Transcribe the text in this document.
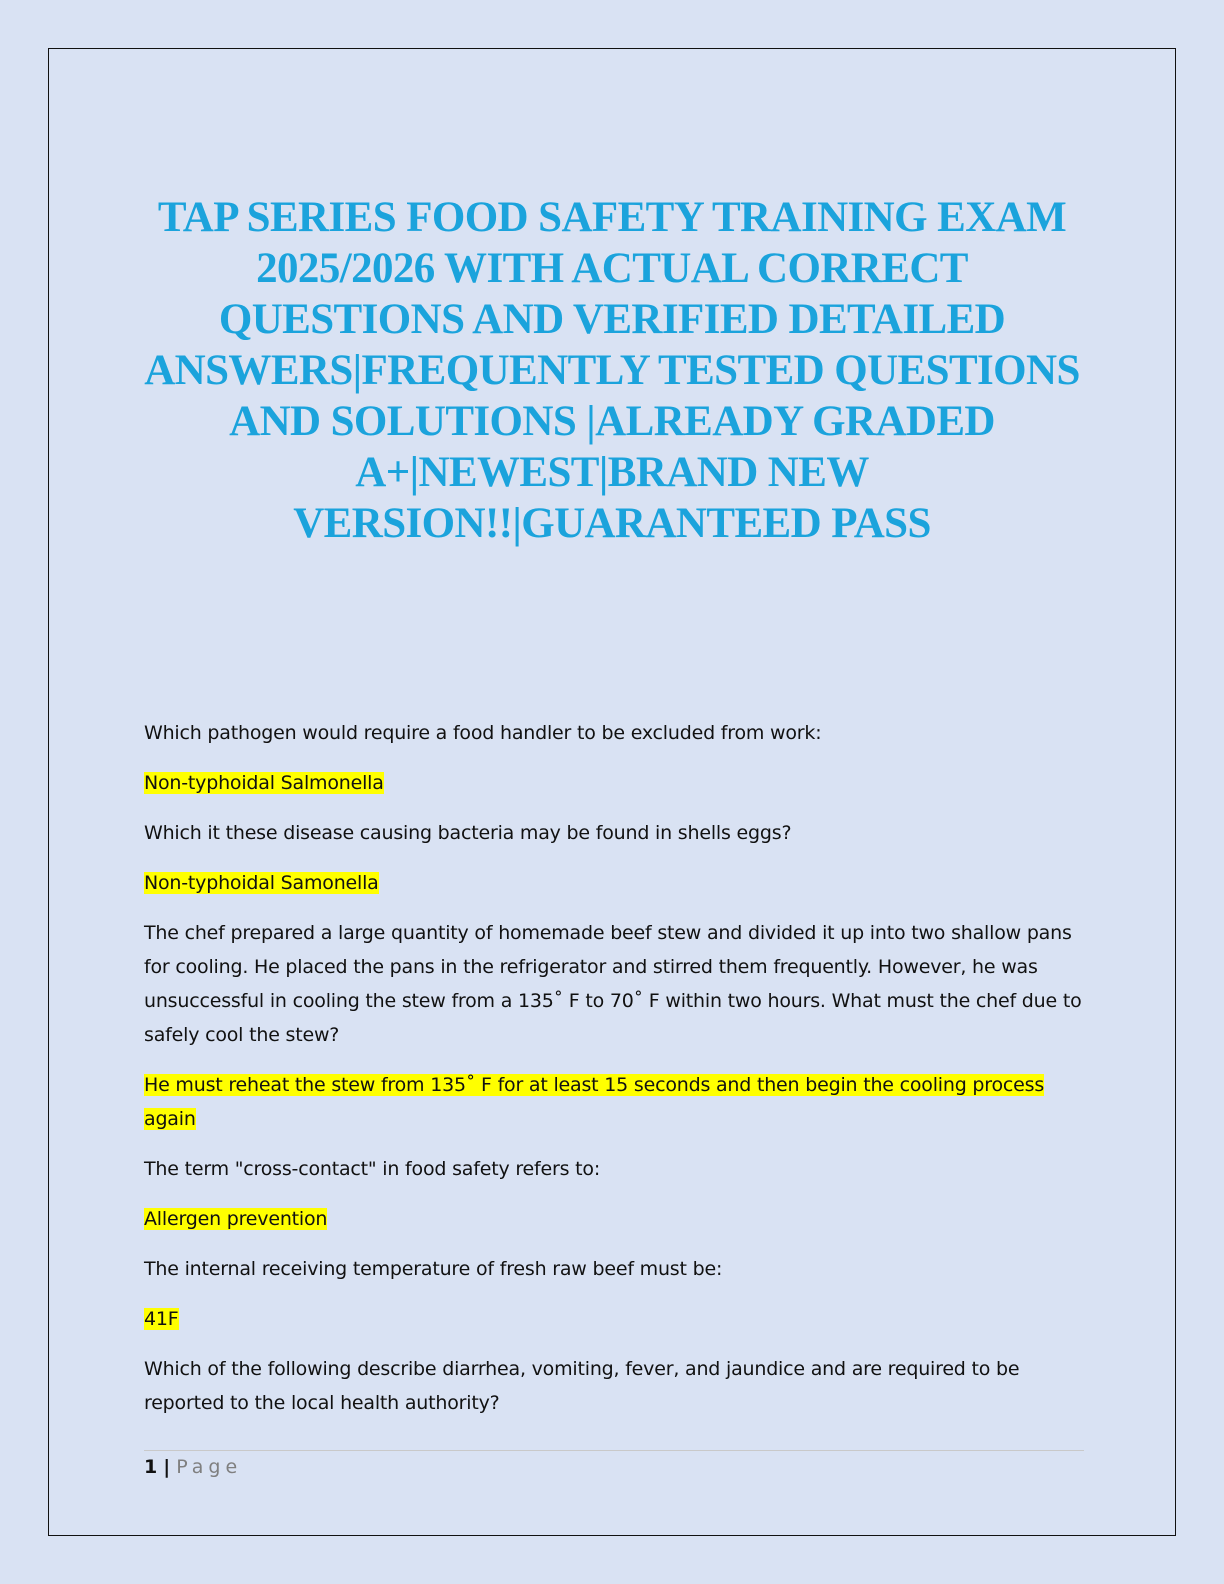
TAP SERIES FOOD SAFETY TRAINING EXAM 2025/2026 WITH ACTUAL CORRECT QUESTIONS AND VERIFIED DETAILED ANSWERS|FREQUENTLY TESTED QUESTIONS AND SOLUTIONS |ALREADY GRADED A+|NEWEST|BRAND NEW VERSION!!|GUARANTEED PASS

Which pathogen would require a food handler to be excluded from work:

Non-typhoidal Salmonella

Which it these disease causing bacteria may be found in shells eggs?

Non-typhoidal Samonella

The chef prepared a large quantity of homemade beef stew and divided it up into two shallow pans for cooling. He placed the pans in the refrigerator and stirred them frequently. However, he was unsuccessful in cooling the stew from a 135˚ F to 70˚ F within two hours. What must the chef due to safely cool the stew?

He must reheat the stew from 135˚ F for at least 15 seconds and then begin the cooling process again

The term "cross-contact" in food safety refers to:

Allergen prevention

The internal receiving temperature of fresh raw beef must be:

41F

Which of the following describe diarrhea, vomiting, fever, and jaundice and are required to be reported to the local health authority?

1 | Page
